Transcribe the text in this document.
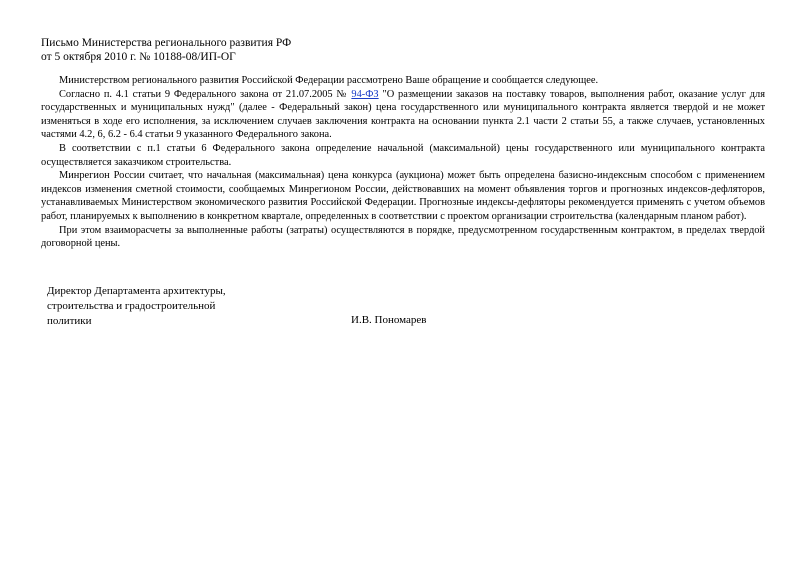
Письмо Министерства регионального развития РФ
от 5 октября 2010 г. № 10188-08/ИП-ОГ

Министерством регионального развития Российской Федерации рассмотрено Ваше обращение и сообщается следующее.

Согласно п. 4.1 статьи 9 Федерального закона от 21.07.2005 № 94-ФЗ "О размещении заказов на поставку товаров, выполнения работ, оказание услуг для государственных и муниципальных нужд" (далее - Федеральный закон) цена государственного или муниципального контракта является твердой и не может изменяться в ходе его исполнения, за исключением случаев заключения контракта на основании пункта 2.1 части 2 статьи 55, а также случаев, установленных частями 4.2, 6, 6.2 - 6.4 статьи 9 указанного Федерального закона.

В соответствии с п.1 статьи 6 Федерального закона определение начальной (максимальной) цены государственного или муниципального контракта осуществляется заказчиком строительства.

Минрегион России считает, что начальная (максимальная) цена конкурса (аукциона) может быть определена базисно-индексным способом с применением индексов изменения сметной стоимости, сообщаемых Минрегионом России, действовавших на момент объявления торгов и прогнозных индексов-дефляторов, устанавливаемых Министерством экономического развития Российской Федерации. Прогнозные индексы-дефляторы рекомендуется применять с учетом объемов работ, планируемых к выполнению в конкретном квартале, определенных в соответствии с проектом организации строительства (календарным планом работ).

При этом взаиморасчеты за выполненные работы (затраты) осуществляются в порядке, предусмотренном государственным контрактом, в пределах твердой договорной цены.

Директор Департамента архитектуры,
строительства и градостроительной
политики	И.В. Пономарев
